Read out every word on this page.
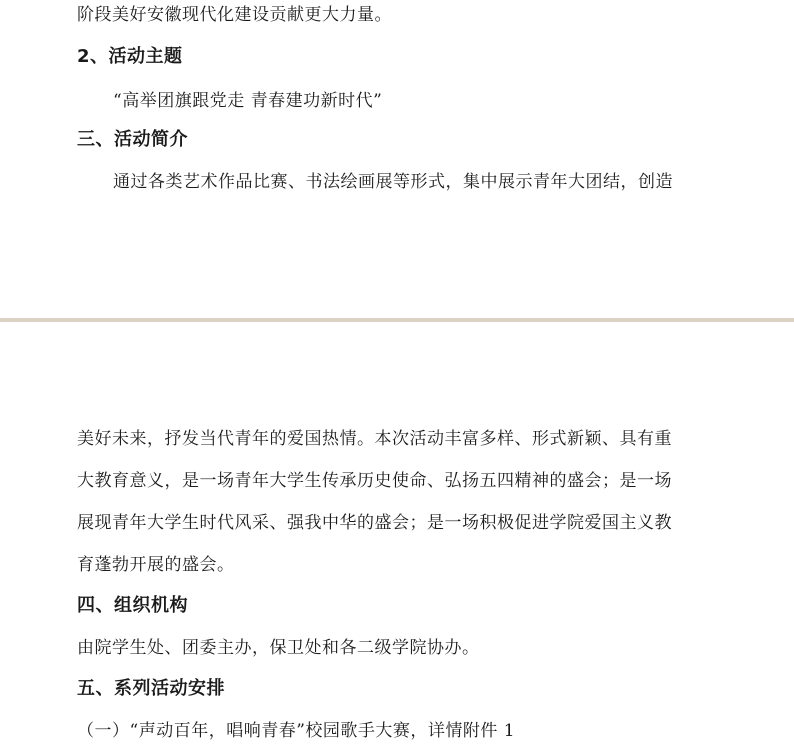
阶段美好安徽现代化建设贡献更大力量。
2、活动主题
“高举团旗跟党走 青春建功新时代”
三、活动简介
通过各类艺术作品比赛、书法绘画展等形式，集中展示青年大团结，创造
美好未来，抒发当代青年的爱国热情。本次活动丰富多样、形式新颖、具有重
大教育意义，是一场青年大学生传承历史使命、弘扬五四精神的盛会；是一场
展现青年大学生时代风采、强我中华的盛会；是一场积极促进学院爱国主义教
育蓬勃开展的盛会。
四、组织机构
由院学生处、团委主办，保卫处和各二级学院协办。
五、系列活动安排
（一）“声动百年，唱响青春”校园歌手大赛，详情附件 1
